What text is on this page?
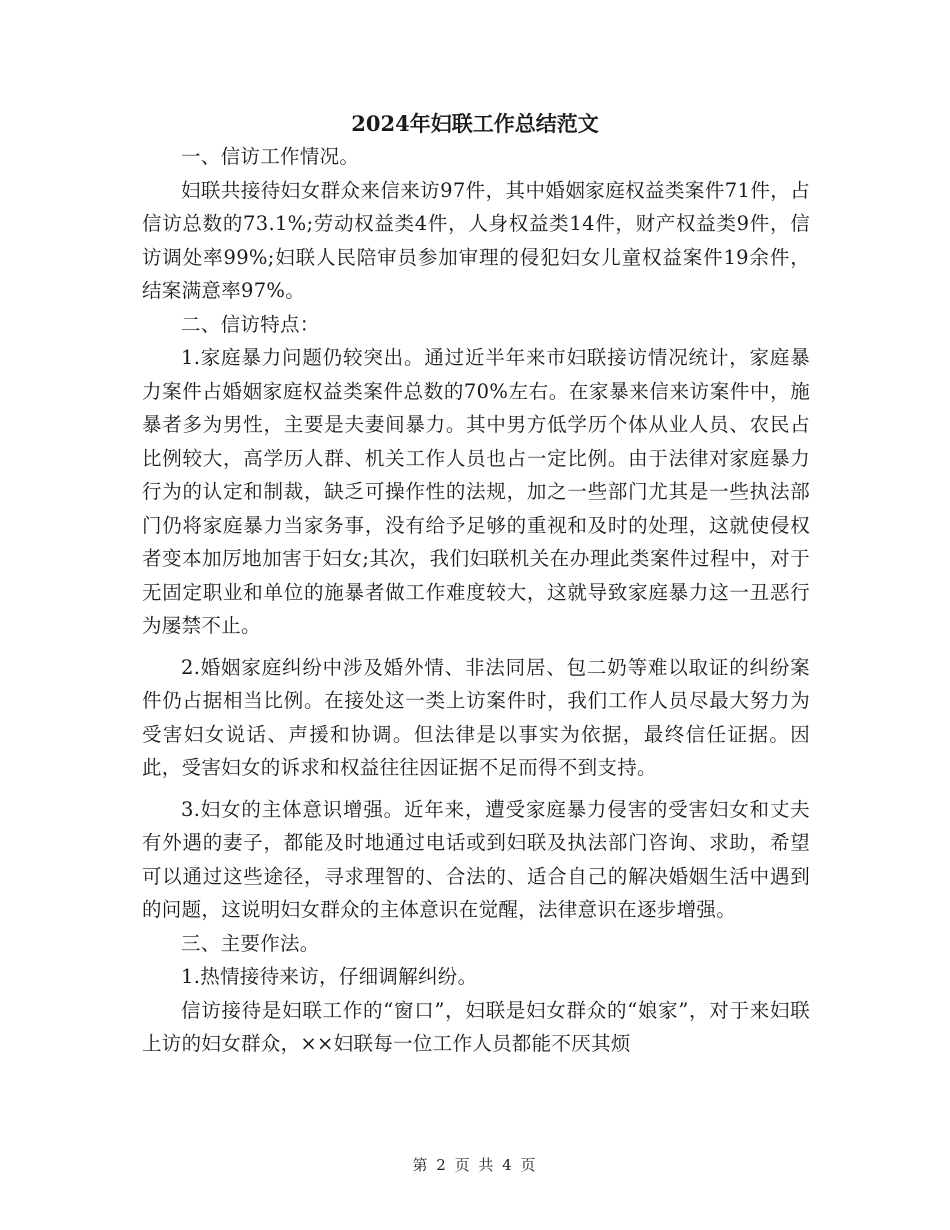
2024年妇联工作总结范文

一、信访工作情况。

妇联共接待妇女群众来信来访97件，其中婚姻家庭权益类案件71件，占信访总数的73.1%;劳动权益类4件，人身权益类14件，财产权益类9件，信访调处率99%;妇联人民陪审员参加审理的侵犯妇女儿童权益案件19余件，结案满意率97%。

二、信访特点：

1.家庭暴力问题仍较突出。通过近半年来市妇联接访情况统计，家庭暴力案件占婚姻家庭权益类案件总数的70%左右。在家暴来信来访案件中，施暴者多为男性，主要是夫妻间暴力。其中男方低学历个体从业人员、农民占比例较大，高学历人群、机关工作人员也占一定比例。由于法律对家庭暴力行为的认定和制裁，缺乏可操作性的法规，加之一些部门尤其是一些执法部门仍将家庭暴力当家务事，没有给予足够的重视和及时的处理，这就使侵权者变本加厉地加害于妇女;其次，我们妇联机关在办理此类案件过程中，对于无固定职业和单位的施暴者做工作难度较大，这就导致家庭暴力这一丑恶行为屡禁不止。

2.婚姻家庭纠纷中涉及婚外情、非法同居、包二奶等难以取证的纠纷案件仍占据相当比例。在接处这一类上访案件时，我们工作人员尽最大努力为受害妇女说话、声援和协调。但法律是以事实为依据，最终信任证据。因此，受害妇女的诉求和权益往往因证据不足而得不到支持。

3.妇女的主体意识增强。近年来，遭受家庭暴力侵害的受害妇女和丈夫有外遇的妻子，都能及时地通过电话或到妇联及执法部门咨询、求助，希望可以通过这些途径，寻求理智的、合法的、适合自己的解决婚姻生活中遇到的问题，这说明妇女群众的主体意识在觉醒，法律意识在逐步增强。

三、主要作法。

1.热情接待来访，仔细调解纠纷。

信访接待是妇联工作的“窗口”，妇联是妇女群众的“娘家”，对于来妇联上访的妇女群众，××妇联每一位工作人员都能不厌其烦

第 2 页 共 4 页
